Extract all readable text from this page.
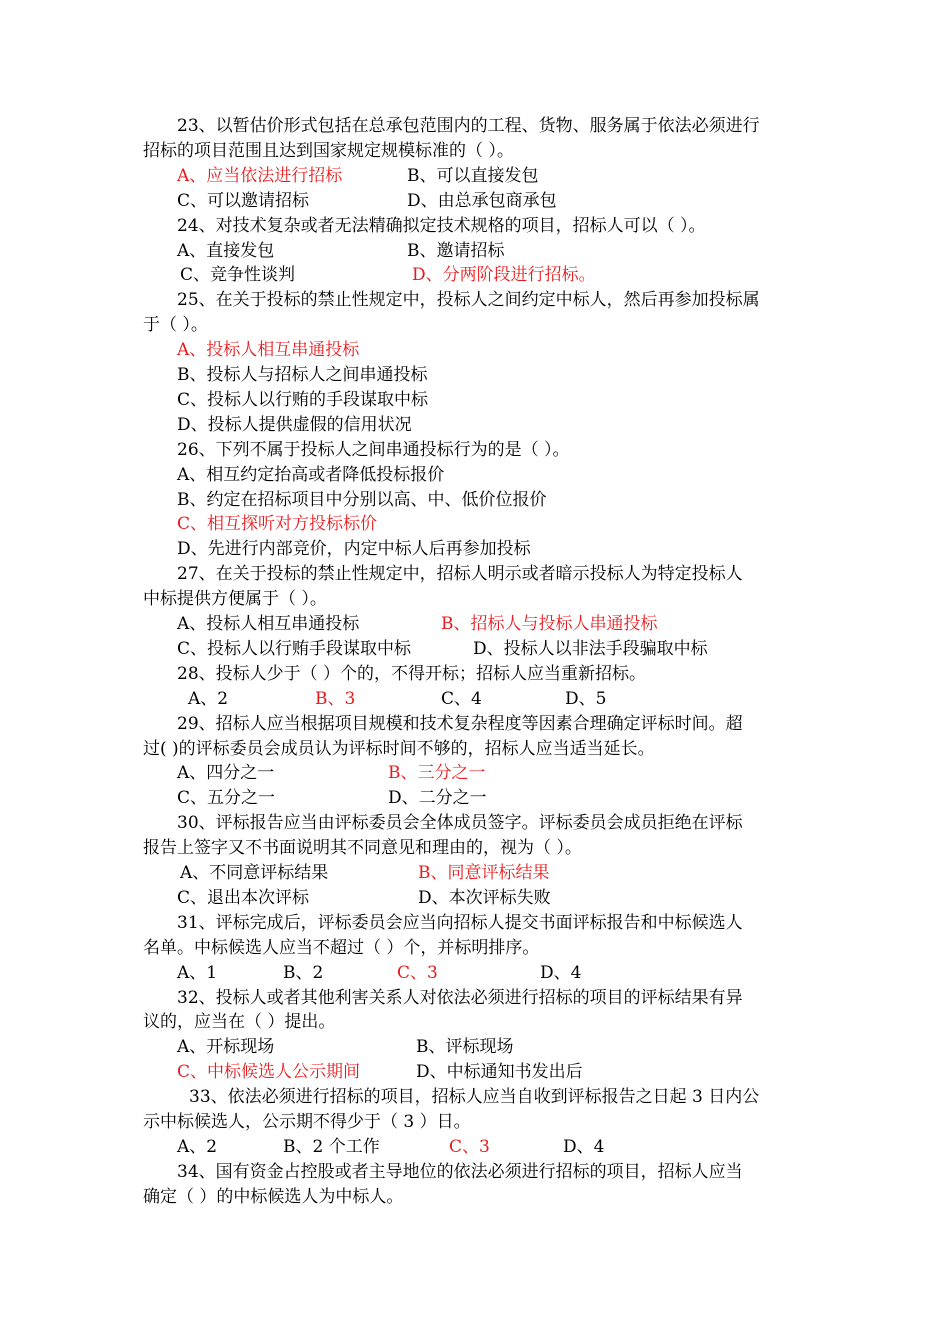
23、以暂估价形式包括在总承包范围内的工程、货物、服务属于依法必须进行
招标的项目范围且达到国家规定规模标准的（ ）。
A、应当依法进行招标	B、可以直接发包
C、可以邀请招标	D、由总承包商承包
24、对技术复杂或者无法精确拟定技术规格的项目，招标人可以（ ）。
A、直接发包	B、邀请招标
C、竞争性谈判	D、分两阶段进行招标。
25、在关于投标的禁止性规定中，投标人之间约定中标人，然后再参加投标属
于（ ）。
A、投标人相互串通投标
B、投标人与招标人之间串通投标
C、投标人以行贿的手段谋取中标
D、投标人提供虚假的信用状况
26、下列不属于投标人之间串通投标行为的是（ ）。
A、相互约定抬高或者降低投标报价
B、约定在招标项目中分别以高、中、低价位报价
C、相互探听对方投标标价
D、先进行内部竞价，内定中标人后再参加投标
27、在关于投标的禁止性规定中，招标人明示或者暗示投标人为特定投标人
中标提供方便属于（ ）。
A、投标人相互串通投标	B、招标人与投标人串通投标
C、投标人以行贿手段谋取中标	D、投标人以非法手段骗取中标
28、投标人少于（ ）个的，不得开标；招标人应当重新招标。
A、2	B、3	C、4	D、5
29、招标人应当根据项目规模和技术复杂程度等因素合理确定评标时间。超
过( )的评标委员会成员认为评标时间不够的，招标人应当适当延长。
A、四分之一	B、三分之一
C、五分之一	D、二分之一
30、评标报告应当由评标委员会全体成员签字。评标委员会成员拒绝在评标
报告上签字又不书面说明其不同意见和理由的，视为（ ）。
A、不同意评标结果	B、同意评标结果
C、退出本次评标	D、本次评标失败
31、评标完成后，评标委员会应当向招标人提交书面评标报告和中标候选人
名单。中标候选人应当不超过（ ）个，并标明排序。
A、1	B、2	C、3	D、4
32、投标人或者其他利害关系人对依法必须进行招标的项目的评标结果有异
议的，应当在（ ）提出。
A、开标现场	B、评标现场
C、中标候选人公示期间	D、中标通知书发出后
33、依法必须进行招标的项目，招标人应当自收到评标报告之日起 3 日内公
示中标候选人，公示期不得少于（ 3 ）日。
A、2	B、2 个工作	C、3	D、4
34、国有资金占控股或者主导地位的依法必须进行招标的项目，招标人应当
确定（ ）的中标候选人为中标人。
